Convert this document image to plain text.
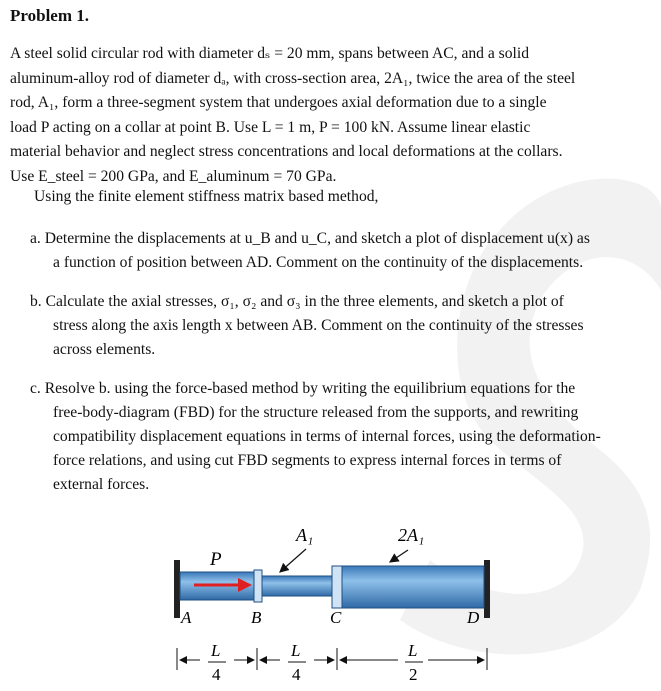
Problem 1.
A steel solid circular rod with diameter dₛ = 20 mm, spans between AC, and a solid
aluminum-alloy rod of diameter dₐ, with cross-section area, 2A₁, twice the area of the steel
rod, A₁, form a three-segment system that undergoes axial deformation due to a single
load P acting on a collar at point B. Use L = 1 m, P = 100 kN. Assume linear elastic
material behavior and neglect stress concentrations and local deformations at the collars.
Use E_steel = 200 GPa, and E_aluminum = 70 GPa.
Using the finite element stiffness matrix based method,
a. Determine the displacements at u_B and u_C, and sketch a plot of displacement u(x) as
a function of position between AD. Comment on the continuity of the displacements.
b. Calculate the axial stresses, σ₁, σ₂ and σ₃ in the three elements, and sketch a plot of
stress along the axis length x between AB. Comment on the continuity of the stresses
across elements.
c. Resolve b. using the force-based method by writing the equilibrium equations for the
free-body-diagram (FBD) for the structure released from the supports, and rewriting
compatibility displacement equations in terms of internal forces, using the deformation-
force relations, and using cut FBD segments to express internal forces in terms of
external forces.
P
A₁	2A₁
A	B	C	D
L
4
L
4
L
2
